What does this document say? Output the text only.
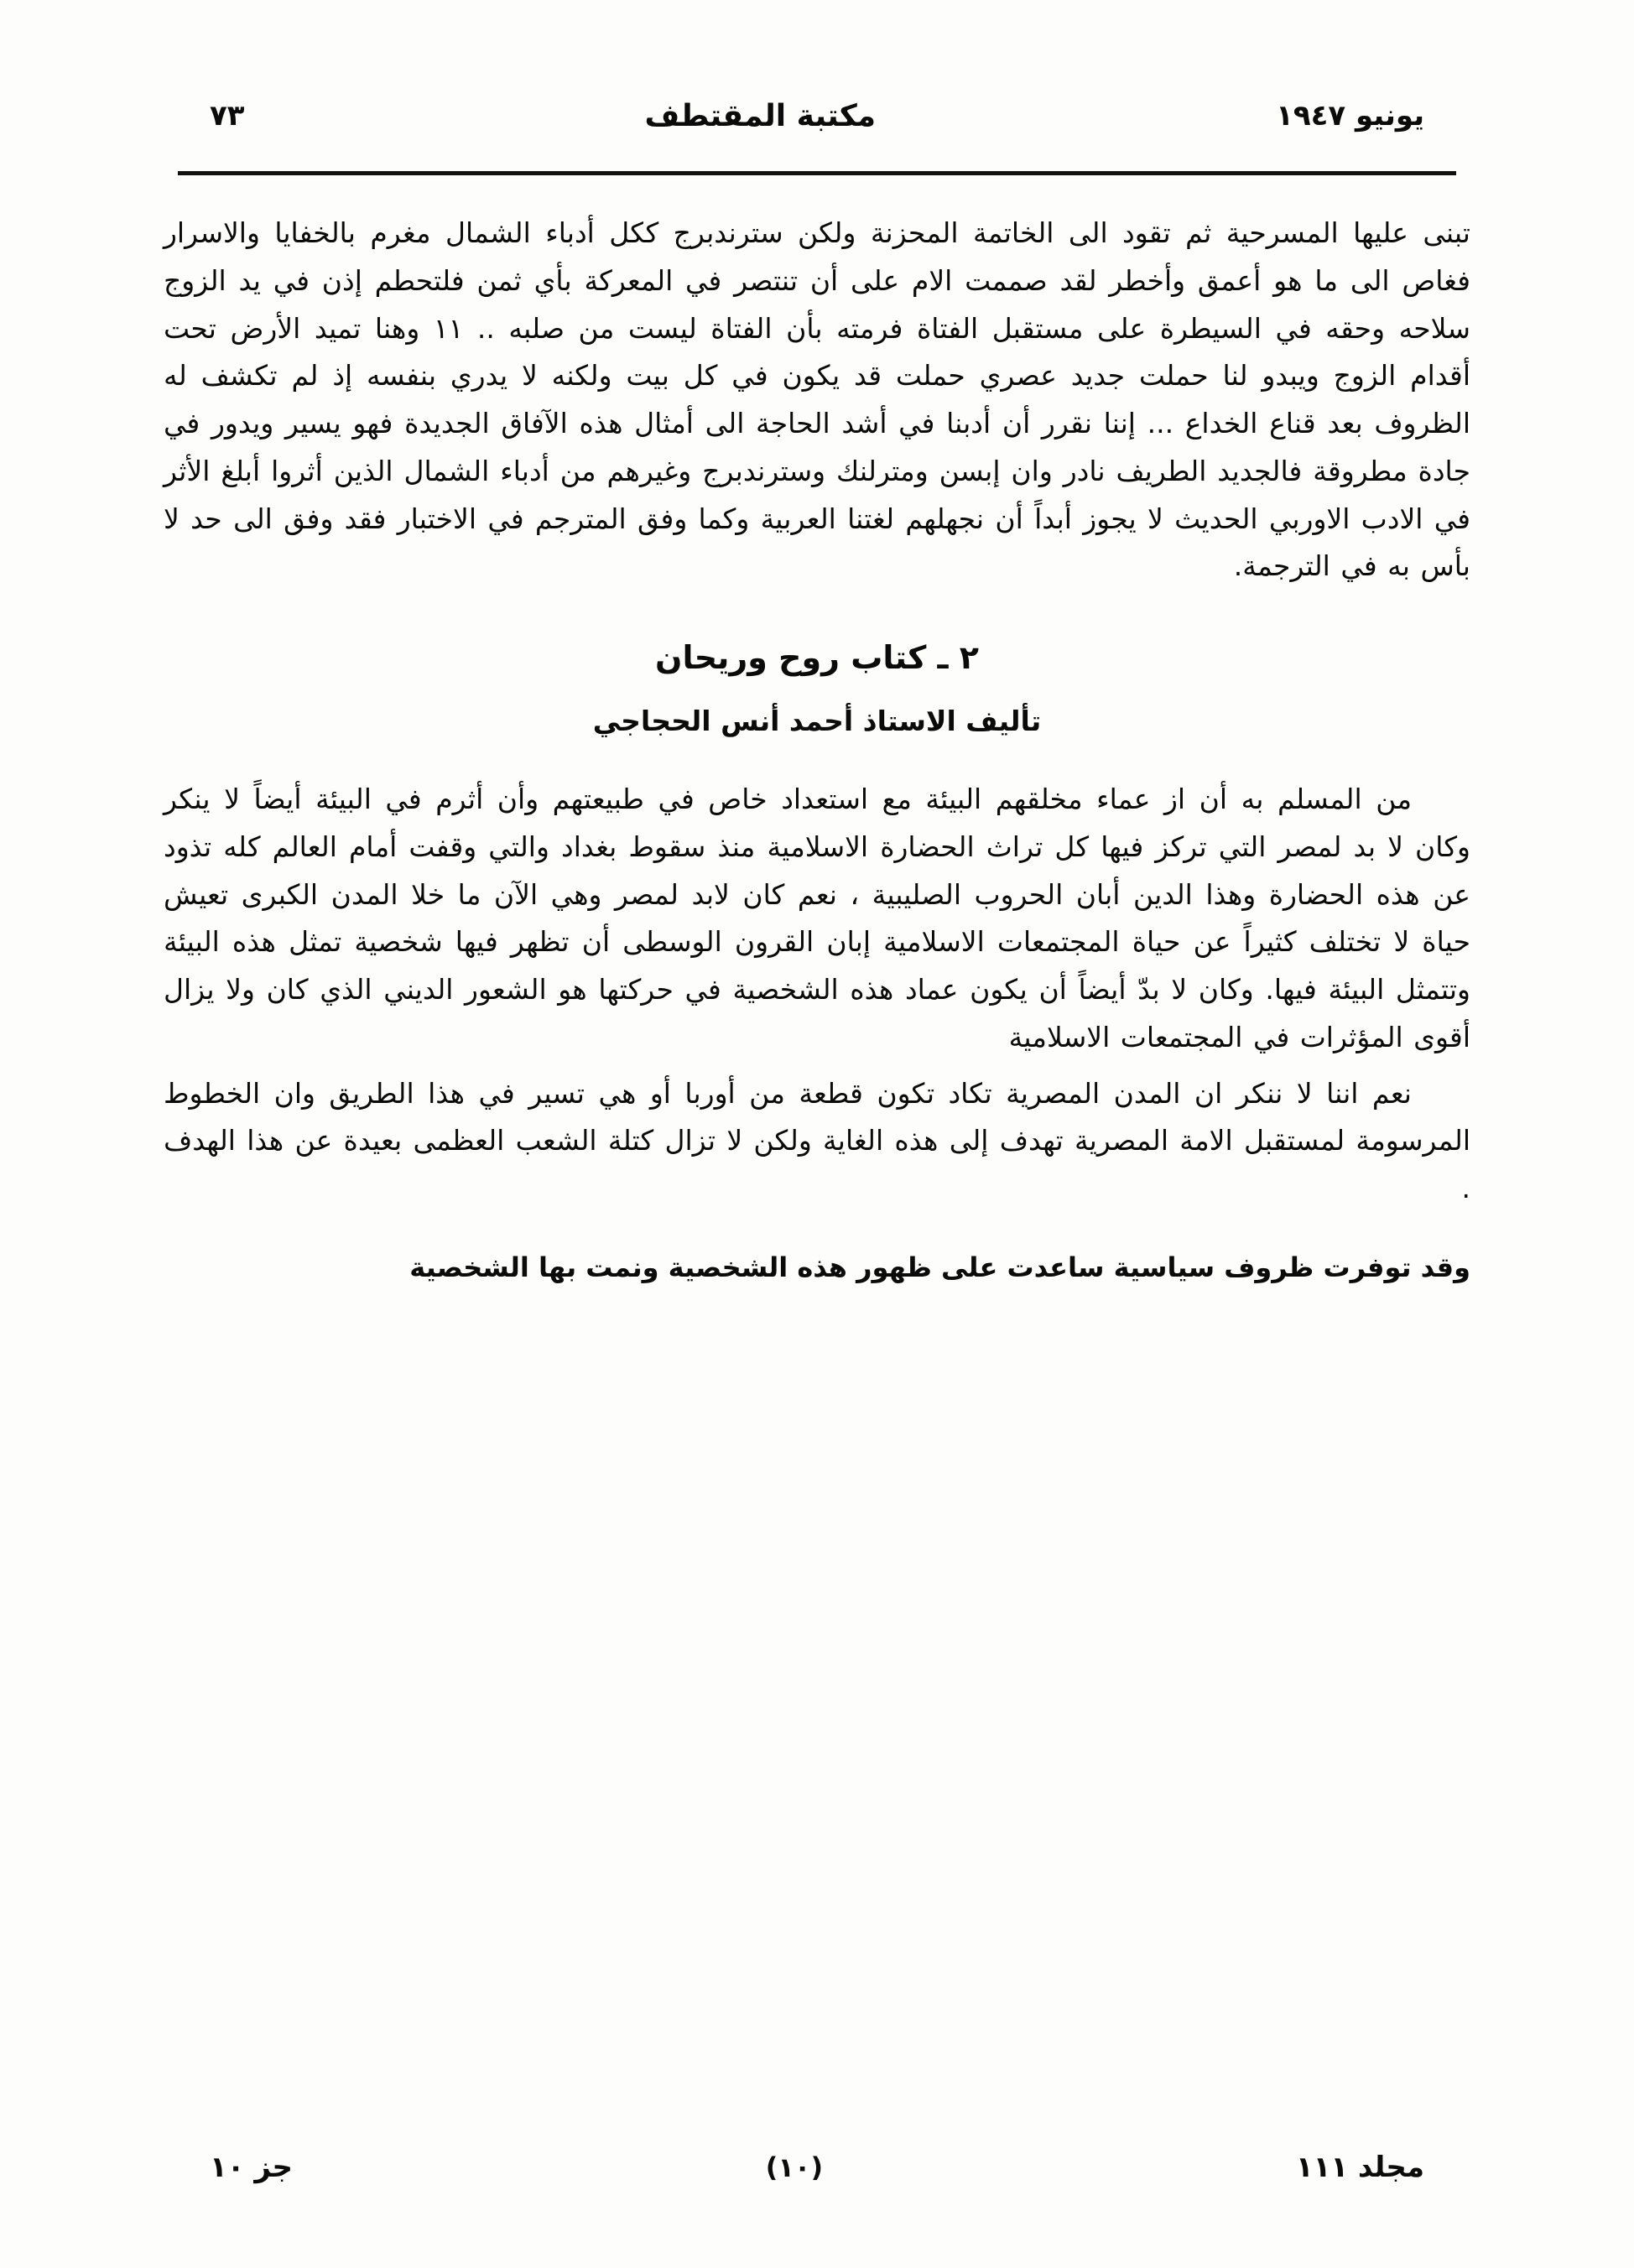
يونيو ١٩٤٧
مكتبة المقتطف
٧٣

تبنى عليها المسرحية ثم تقود الى الخاتمة المحزنة ولكن سترندبرج ككل أدباء الشمال مغرم بالخفايا والاسرار فغاص الى ما هو أعمق وأخطر لقد صممت الام على أن تنتصر في المعركة بأي ثمن فلتحطم إذن في يد الزوج سلاحه وحقه في السيطرة على مستقبل الفتاة فرمته بأن الفتاة ليست من صلبه .. ١١ وهنا تميد الأرض تحت أقدام الزوج ويبدو لنا حملت جديد عصري حملت قد يكون في كل بيت ولكنه لا يدري بنفسه إذ لم تكشف له الظروف بعد قناع الخداع ... إننا نقرر أن أدبنا في أشد الحاجة الى أمثال هذه الآفاق الجديدة فهو يسير ويدور في جادة مطروقة فالجديد الطريف نادر وان إبسن ومترلنك وسترندبرج وغيرهم من أدباء الشمال الذين أثروا أبلغ الأثر في الادب الاوربي الحديث لا يجوز أبداً أن نجهلهم لغتنا العربية وكما وفق المترجم في الاختبار فقد وفق الى حد لا بأس به في الترجمة.

٢ ـ كتاب روح وريحان
تأليف الاستاذ أحمد أنس الحجاجي

من المسلم به أن از عماء مخلقهم البيئة مع استعداد خاص في طبيعتهم وأن أثرم في البيئة أيضاً لا ينكر وكان لا بد لمصر التي تركز فيها كل تراث الحضارة الاسلامية منذ سقوط بغداد والتي وقفت أمام العالم كله تذود عن هذه الحضارة وهذا الدين أبان الحروب الصليبية ، نعم كان لابد لمصر وهي الآن ما خلا المدن الكبرى تعيش حياة لا تختلف كثيراً عن حياة المجتمعات الاسلامية إبان القرون الوسطى أن تظهر فيها شخصية تمثل هذه البيئة وتتمثل البيئة فيها. وكان لا بدّ أيضاً أن يكون عماد هذه الشخصية في حركتها هو الشعور الديني الذي كان ولا يزال أقوى المؤثرات في المجتمعات الاسلامية

نعم اننا لا ننكر ان المدن المصرية تكاد تكون قطعة من أوربا أو هي تسير في هذا الطريق وان الخطوط المرسومة لمستقبل الامة المصرية تهدف إلى هذه الغاية ولكن لا تزال كتلة الشعب العظمى بعيدة عن هذا الهدف .

وقد توفرت ظروف سياسية ساعدت على ظهور هذه الشخصية ونمت بها الشخصية

مجلد ١١١
(١٠)
جز ١٠
